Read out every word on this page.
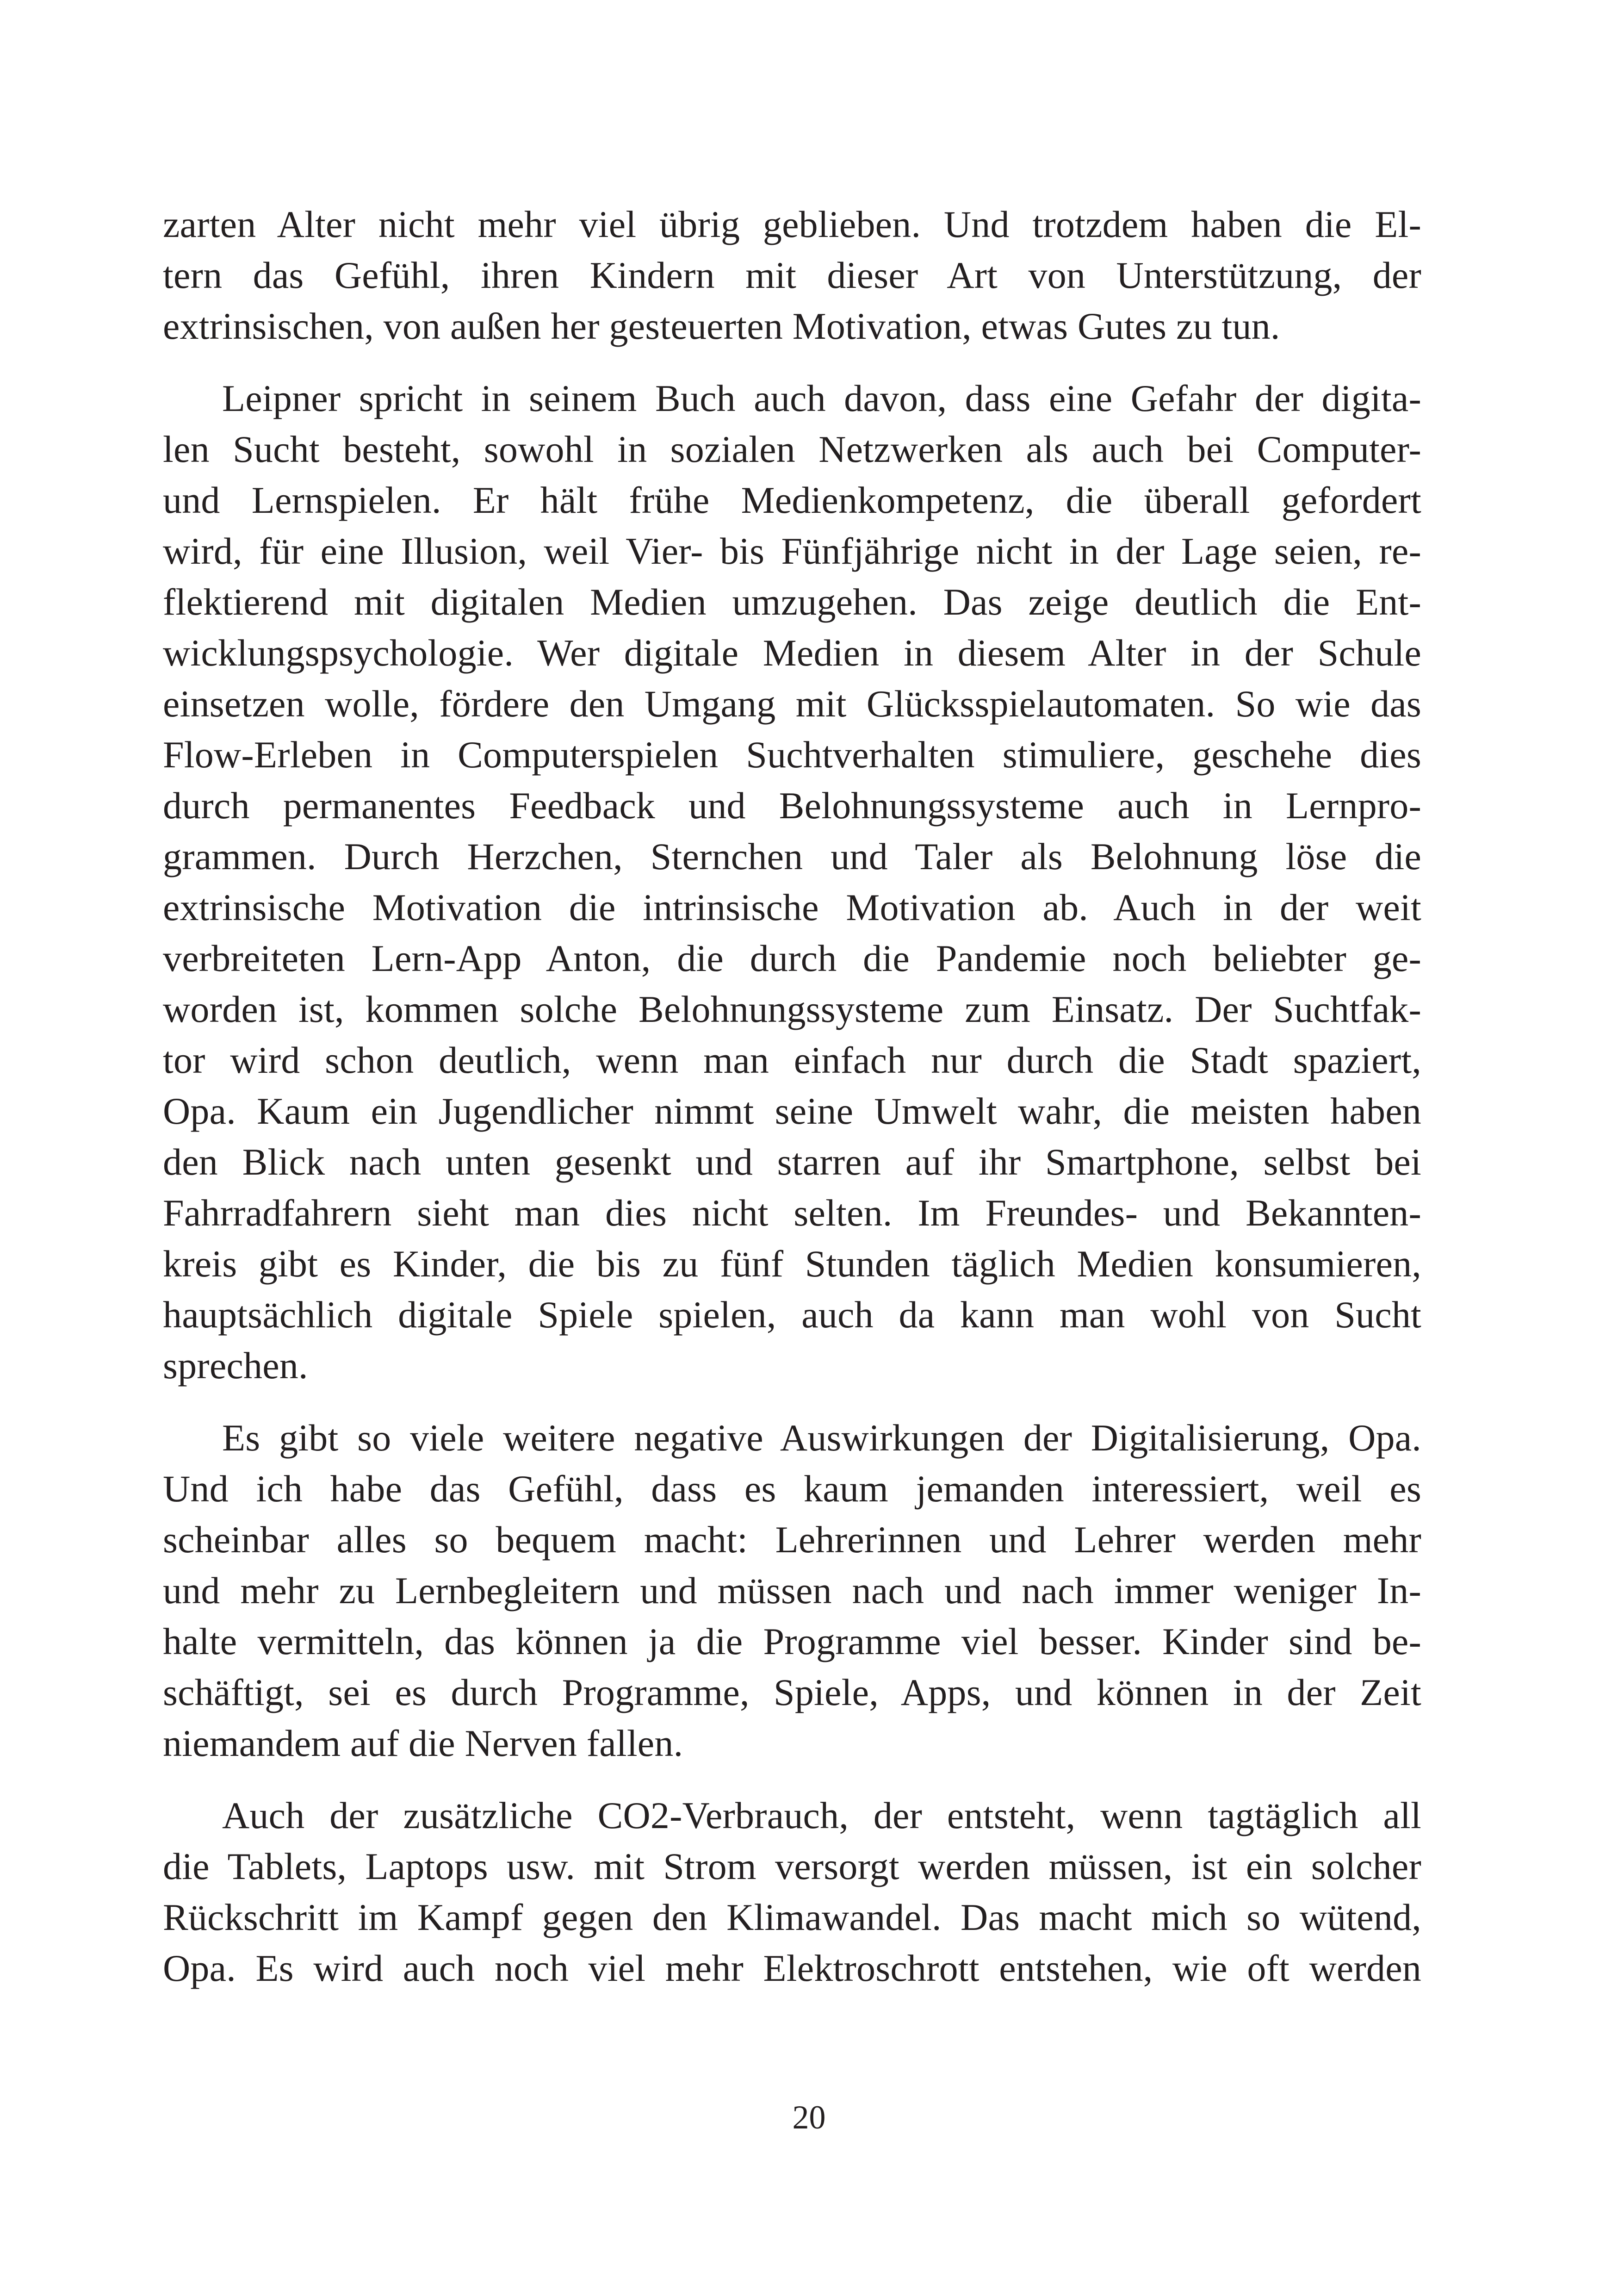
zarten Alter nicht mehr viel übrig geblieben. Und trotzdem haben die El-
tern das Gefühl, ihren Kindern mit dieser Art von Unterstützung, der
extrinsischen, von außen her gesteuerten Motivation, etwas Gutes zu tun.
Leipner spricht in seinem Buch auch davon, dass eine Gefahr der digita-
len Sucht besteht, sowohl in sozialen Netzwerken als auch bei Computer-
und Lernspielen. Er hält frühe Medienkompetenz, die überall gefordert
wird, für eine Illusion, weil Vier- bis Fünfjährige nicht in der Lage seien, re-
flektierend mit digitalen Medien umzugehen. Das zeige deutlich die Ent-
wicklungspsychologie. Wer digitale Medien in diesem Alter in der Schule
einsetzen wolle, fördere den Umgang mit Glücksspielautomaten. So wie das
Flow-Erleben in Computerspielen Suchtverhalten stimuliere, geschehe dies
durch permanentes Feedback und Belohnungssysteme auch in Lernpro-
grammen. Durch Herzchen, Sternchen und Taler als Belohnung löse die
extrinsische Motivation die intrinsische Motivation ab. Auch in der weit
verbreiteten Lern-App Anton, die durch die Pandemie noch beliebter ge-
worden ist, kommen solche Belohnungssysteme zum Einsatz. Der Suchtfak-
tor wird schon deutlich, wenn man einfach nur durch die Stadt spaziert,
Opa. Kaum ein Jugendlicher nimmt seine Umwelt wahr, die meisten haben
den Blick nach unten gesenkt und starren auf ihr Smartphone, selbst bei
Fahrradfahrern sieht man dies nicht selten. Im Freundes- und Bekannten-
kreis gibt es Kinder, die bis zu fünf Stunden täglich Medien konsumieren,
hauptsächlich digitale Spiele spielen, auch da kann man wohl von Sucht
sprechen.
Es gibt so viele weitere negative Auswirkungen der Digitalisierung, Opa.
Und ich habe das Gefühl, dass es kaum jemanden interessiert, weil es
scheinbar alles so bequem macht: Lehrerinnen und Lehrer werden mehr
und mehr zu Lernbegleitern und müssen nach und nach immer weniger In-
halte vermitteln, das können ja die Programme viel besser. Kinder sind be-
schäftigt, sei es durch Programme, Spiele, Apps, und können in der Zeit
niemandem auf die Nerven fallen.
Auch der zusätzliche CO2-Verbrauch, der entsteht, wenn tagtäglich all
die Tablets, Laptops usw. mit Strom versorgt werden müssen, ist ein solcher
Rückschritt im Kampf gegen den Klimawandel. Das macht mich so wütend,
Opa. Es wird auch noch viel mehr Elektroschrott entstehen, wie oft werden
20
